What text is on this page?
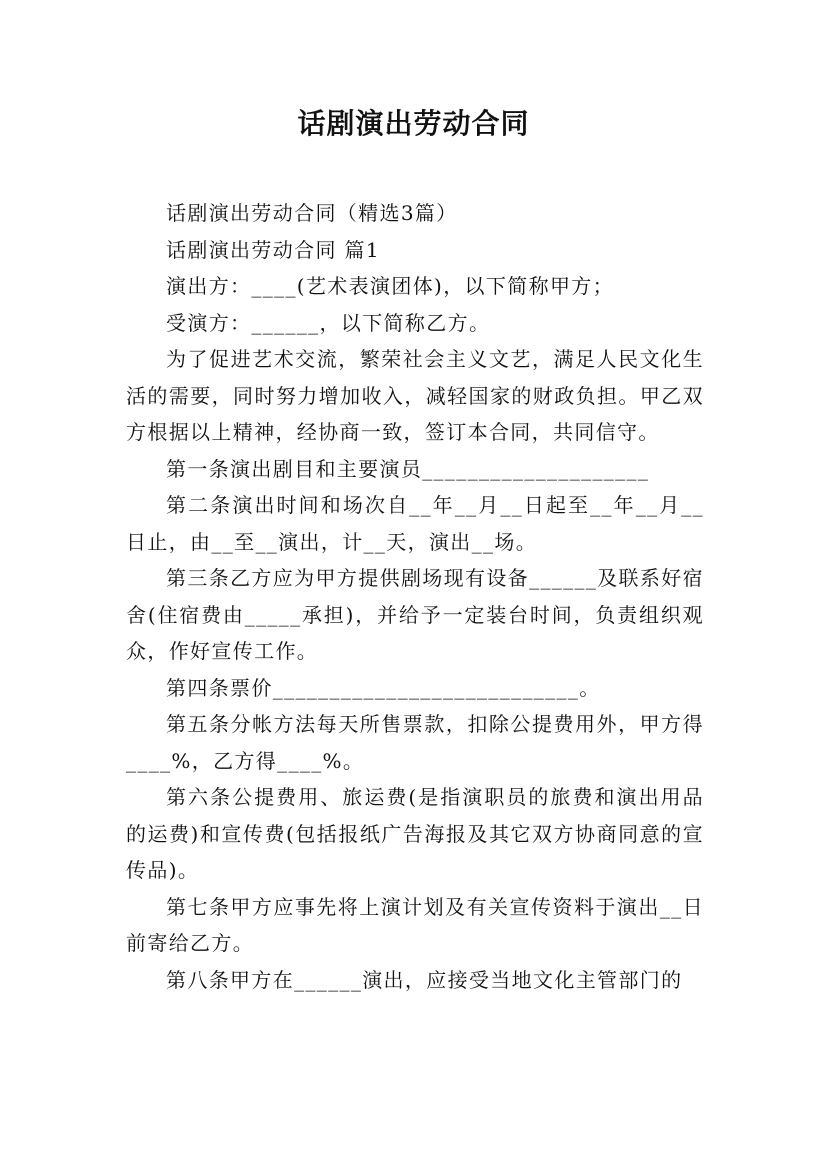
话剧演出劳动合同

话剧演出劳动合同（精选3篇）

话剧演出劳动合同 篇1

演出方：____(艺术表演团体)，以下简称甲方；

受演方：______，以下简称乙方。

为了促进艺术交流，繁荣社会主义文艺，满足人民文化生活的需要，同时努力增加收入，减轻国家的财政负担。甲乙双方根据以上精神，经协商一致，签订本合同，共同信守。

第一条演出剧目和主要演员____________________

第二条演出时间和场次自__年__月__日起至__年__月__日止，由__至__演出，计__天，演出__场。

第三条乙方应为甲方提供剧场现有设备______及联系好宿舍(住宿费由_____承担)，并给予一定装台时间，负责组织观众，作好宣传工作。

第四条票价___________________________。

第五条分帐方法每天所售票款，扣除公提费用外，甲方得____%，乙方得____%。

第六条公提费用、旅运费(是指演职员的旅费和演出用品的运费)和宣传费(包括报纸广告海报及其它双方协商同意的宣传品)。

第七条甲方应事先将上演计划及有关宣传资料于演出__日前寄给乙方。

第八条甲方在______演出，应接受当地文化主管部门的
